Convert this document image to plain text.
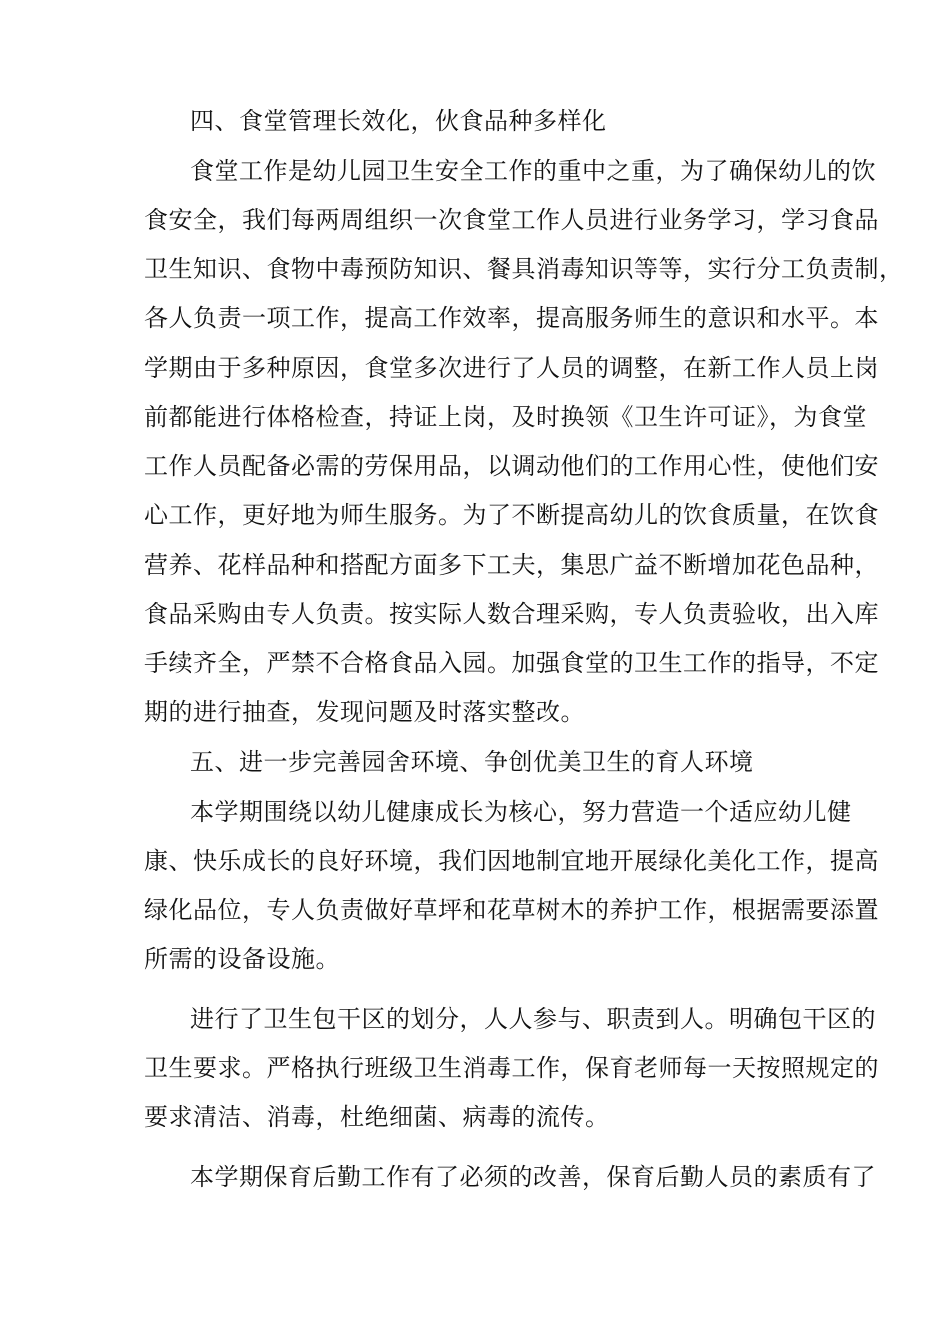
四、食堂管理长效化，伙食品种多样化
食堂工作是幼儿园卫生安全工作的重中之重，为了确保幼儿的饮
食安全，我们每两周组织一次食堂工作人员进行业务学习，学习食品
卫生知识、食物中毒预防知识、餐具消毒知识等等，实行分工负责制，
各人负责一项工作，提高工作效率，提高服务师生的意识和水平。本
学期由于多种原因，食堂多次进行了人员的调整，在新工作人员上岗
前都能进行体格检查，持证上岗，及时换领《卫生许可证》，为食堂
工作人员配备必需的劳保用品，以调动他们的工作用心性，使他们安
心工作，更好地为师生服务。为了不断提高幼儿的饮食质量，在饮食
营养、花样品种和搭配方面多下工夫，集思广益不断增加花色品种，
食品采购由专人负责。按实际人数合理采购，专人负责验收，出入库
手续齐全，严禁不合格食品入园。加强食堂的卫生工作的指导，不定
期的进行抽查，发现问题及时落实整改。
五、进一步完善园舍环境、争创优美卫生的育人环境
本学期围绕以幼儿健康成长为核心，努力营造一个适应幼儿健
康、快乐成长的良好环境，我们因地制宜地开展绿化美化工作，提高
绿化品位，专人负责做好草坪和花草树木的养护工作，根据需要添置
所需的设备设施。
进行了卫生包干区的划分，人人参与、职责到人。明确包干区的
卫生要求。严格执行班级卫生消毒工作，保育老师每一天按照规定的
要求清洁、消毒，杜绝细菌、病毒的流传。
本学期保育后勤工作有了必须的改善，保育后勤人员的素质有了
